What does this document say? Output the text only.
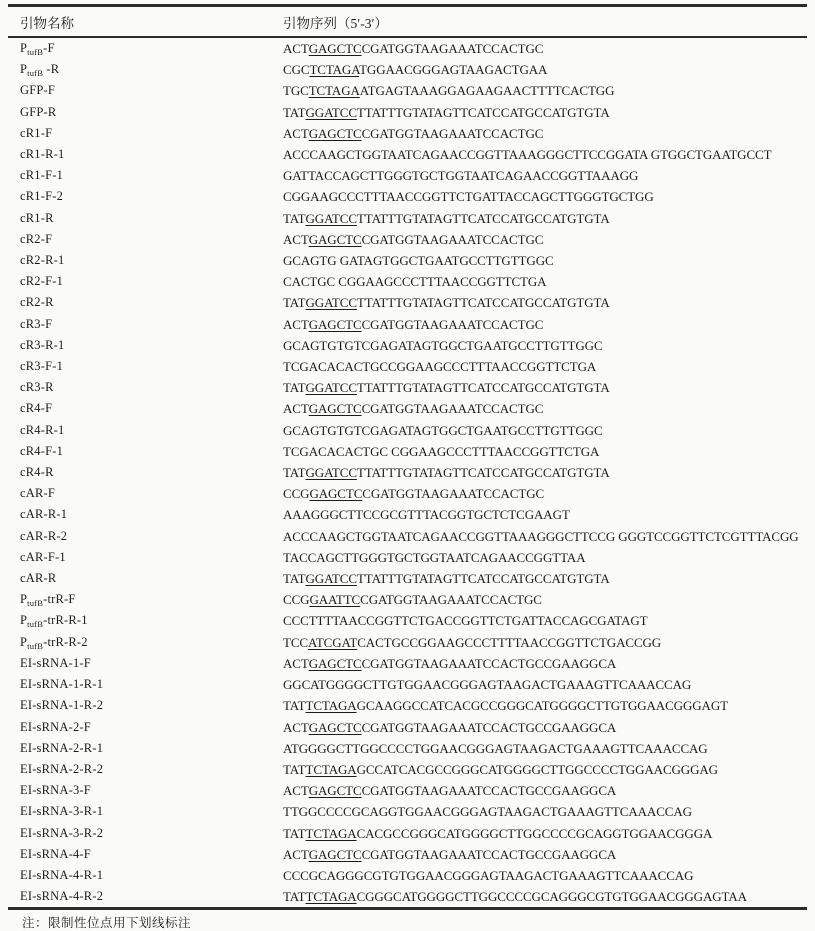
引物名称	引物序列（5′-3′）
$P_{tufB}-F$	ACTGAGCTCCGATGGTAAGAAATCCACTGC
$P_{tufB}$ -R	CGCTCTAGATGGAACGGGAGTAAGACTGAA
GFP-F	TGCTCTAGAATGAGTAAAGGAGAAGAACTTTTCACTGG
GFP-R	TATGGATCCTTATTTGTATAGTTCATCCATGCCATGTGTA
cR1-F	ACTGAGCTCCGATGGTAAGAAATCCACTGC
cR1-R-1	ACCCAAGCTGGTAATCAGAACCGGTTAAAGGGCTTCCGGATA GTGGCTGAATGCCT
cR1-F-1	GATTACCAGCTTGGGTGCTGGTAATCAGAACCGGTTAAAGG
cR1-F-2	CGGAAGCCCTTTAACCGGTTCTGATTACCAGCTTGGGTGCTGG
cR1-R	TATGGATCCTTATTTGTATAGTTCATCCATGCCATGTGTA
cR2-F	ACTGAGCTCCGATGGTAAGAAATCCACTGC
cR2-R-1	GCAGTG GATAGTGGCTGAATGCCTTGTTGGC
cR2-F-1	CACTGC CGGAAGCCCTTTAACCGGTTCTGA
cR2-R	TATGGATCCTTATTTGTATAGTTCATCCATGCCATGTGTA
cR3-F	ACTGAGCTCCGATGGTAAGAAATCCACTGC
cR3-R-1	GCAGTGTGTCGAGATAGTGGCTGAATGCCTTGTTGGC
cR3-F-1	TCGACACACTGCCGGAAGCCCTTTAACCGGTTCTGA
cR3-R	TATGGATCCTTATTTGTATAGTTCATCCATGCCATGTGTA
cR4-F	ACTGAGCTCCGATGGTAAGAAATCCACTGC
cR4-R-1	GCAGTGTGTCGAGATAGTGGCTGAATGCCTTGTTGGC
cR4-F-1	TCGACACACTGC CGGAAGCCCTTTAACCGGTTCTGA
cR4-R	TATGGATCCTTATTTGTATAGTTCATCCATGCCATGTGTA
cAR-F	CCGGAGCTCCGATGGTAAGAAATCCACTGC
cAR-R-1	AAAGGGCTTCCGCGTTTACGGTGCTCTCGAAGT
cAR-R-2	ACCCAAGCTGGTAATCAGAACCGGTTAAAGGGCTTCCG GGGTCCGGTTCTCGTTTACGG
cAR-F-1	TACCAGCTTGGGTGCTGGTAATCAGAACCGGTTAA
cAR-R	TATGGATCCTTATTTGTATAGTTCATCCATGCCATGTGTA
$P_{tufB}-trR-F$	CCGGAATTCCGATGGTAAGAAATCCACTGC
$P_{tufB}-trR-R-1$	CCCTTTTAACCGGTTCTGACCGGTTCTGATTACCAGCGATAGT
$P_{tufB}-trR-R-2$	TCCATCGATCACTGCCGGAAGCCCTTTTAACCGGTTCTGACCGG
EI-sRNA-1-F	ACTGAGCTCCGATGGTAAGAAATCCACTGCCGAAGGCA
EI-sRNA-1-R-1	GGCATGGGGCTTGTGGAACGGGAGTAAGACTGAAAGTTCAAACCAG
EI-sRNA-1-R-2	TATTCTAGAGCAAGGCCATCACGCCGGGCATGGGGCTTGTGGAACGGGAGT
EI-sRNA-2-F	ACTGAGCTCCGATGGTAAGAAATCCACTGCCGAAGGCA
EI-sRNA-2-R-1	ATGGGGCTTGGCCCCTGGAACGGGAGTAAGACTGAAAGTTCAAACCAG
EI-sRNA-2-R-2	TATTCTAGAGCCATCACGCCGGGCATGGGGCTTGGCCCCTGGAACGGGAG
EI-sRNA-3-F	ACTGAGCTCCGATGGTAAGAAATCCACTGCCGAAGGCA
EI-sRNA-3-R-1	TTGGCCCCGCAGGTGGAACGGGAGTAAGACTGAAAGTTCAAACCAG
EI-sRNA-3-R-2	TATTCTAGACACGCCGGGCATGGGGCTTGGCCCCGCAGGTGGAACGGGA
EI-sRNA-4-F	ACTGAGCTCCGATGGTAAGAAATCCACTGCCGAAGGCA
EI-sRNA-4-R-1	CCCGCAGGGCGTGTGGAACGGGAGTAAGACTGAAAGTTCAAACCAG
EI-sRNA-4-R-2	TATTCTAGACGGGCATGGGGCTTGGCCCCGCAGGGCGTGTGGAACGGGAGTAA
注：限制性位点用下划线标注
